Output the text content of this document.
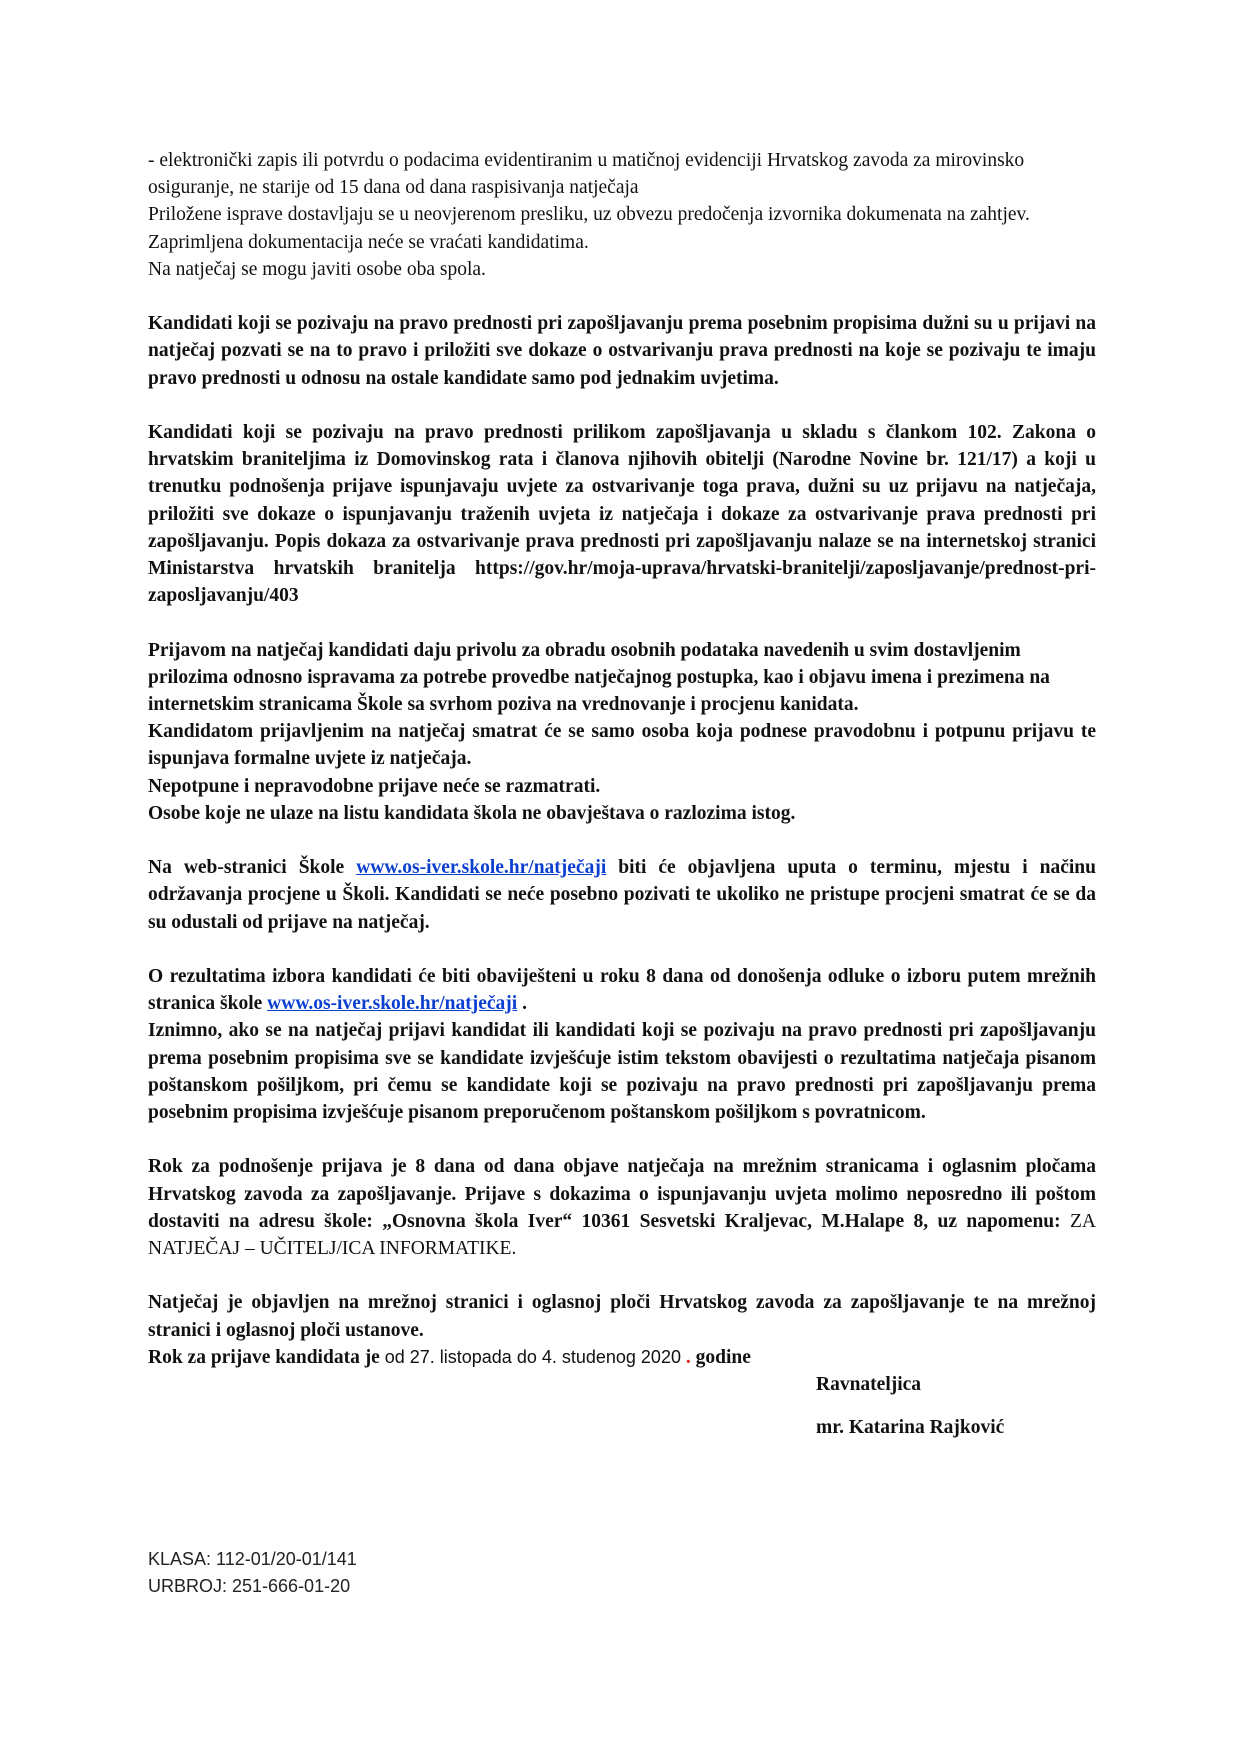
- elektronički zapis ili potvrdu o podacima evidentiranim u matičnoj evidenciji Hrvatskog zavoda za mirovinsko osiguranje, ne starije od 15 dana od dana raspisivanja natječaja

Priložene isprave dostavljaju se u neovjerenom presliku, uz obvezu predočenja izvornika dokumenata na zahtjev. Zaprimljena dokumentacija neće se vraćati kandidatima.

Na natječaj se mogu javiti osobe oba spola.

Kandidati koji se pozivaju na pravo prednosti pri zapošljavanju prema posebnim propisima dužni su u prijavi na natječaj pozvati se na to pravo i priložiti sve dokaze o ostvarivanju prava prednosti na koje se pozivaju te imaju pravo prednosti u odnosu na ostale kandidate samo pod jednakim uvjetima.

Kandidati koji se pozivaju na pravo prednosti prilikom zapošljavanja u skladu s člankom 102. Zakona o hrvatskim braniteljima iz Domovinskog rata i članova njihovih obitelji (Narodne Novine br. 121/17) a koji u trenutku podnošenja prijave ispunjavaju uvjete za ostvarivanje toga prava, dužni su uz prijavu na natječaja, priložiti sve dokaze o ispunjavanju traženih uvjeta iz natječaja i dokaze za ostvarivanje prava prednosti pri zapošljavanju. Popis dokaza za ostvarivanje prava prednosti pri zapošljavanju nalaze se na internetskoj stranici Ministarstva hrvatskih branitelja https://gov.hr/moja-uprava/hrvatski-branitelji/zaposljavanje/prednost-pri-zaposljavanju/403

Prijavom na natječaj kandidati daju privolu za obradu osobnih podataka navedenih u svim dostavljenim prilozima odnosno ispravama za potrebe provedbe natječajnog postupka, kao i objavu imena i prezimena na internetskim stranicama Škole sa svrhom poziva na vrednovanje i procjenu kanidata.

Kandidatom prijavljenim na natječaj smatrat će se samo osoba koja podnese pravodobnu i potpunu prijavu te ispunjava formalne uvjete iz natječaja.

Nepotpune i nepravodobne prijave neće se razmatrati.

Osobe koje ne ulaze na listu kandidata škola ne obavještava o razlozima istog.

Na web-stranici Škole www.os-iver.skole.hr/natječaji biti će objavljena uputa o terminu, mjestu i načinu održavanja procjene u Školi. Kandidati se neće posebno pozivati te ukoliko ne pristupe procjeni smatrat će se da su odustali od prijave na natječaj.

O rezultatima izbora kandidati će biti obaviješteni u roku 8 dana od donošenja odluke o izboru putem mrežnih stranica škole www.os-iver.skole.hr/natječaji .

Iznimno, ako se na natječaj prijavi kandidat ili kandidati koji se pozivaju na pravo prednosti pri zapošljavanju prema posebnim propisima sve se kandidate izvješćuje istim tekstom obavijesti o rezultatima natječaja pisanom poštanskom pošiljkom, pri čemu se kandidate koji se pozivaju na pravo prednosti pri zapošljavanju prema posebnim propisima izvješćuje pisanom preporučenom poštanskom pošiljkom s povratnicom.

Rok za podnošenje prijava je 8 dana od dana objave natječaja na mrežnim stranicama i oglasnim pločama Hrvatskog zavoda za zapošljavanje. Prijave s dokazima o ispunjavanju uvjeta molimo neposredno ili poštom dostaviti na adresu škole: „Osnovna škola Iver“ 10361 Sesvetski Kraljevac, M.Halape 8, uz napomenu: ZA NATJEČAJ – UČITELJ/ICA INFORMATIKE.

Natječaj je objavljen na mrežnoj stranici i oglasnoj ploči Hrvatskog zavoda za zapošljavanje te na mrežnoj stranici i oglasnoj ploči ustanove.

Rok za prijave kandidata je od 27. listopada do 4. studenog 2020 . godine

Ravnateljica

mr. Katarina Rajković

KLASA: 112-01/20-01/141
URBROJ: 251-666-01-20
